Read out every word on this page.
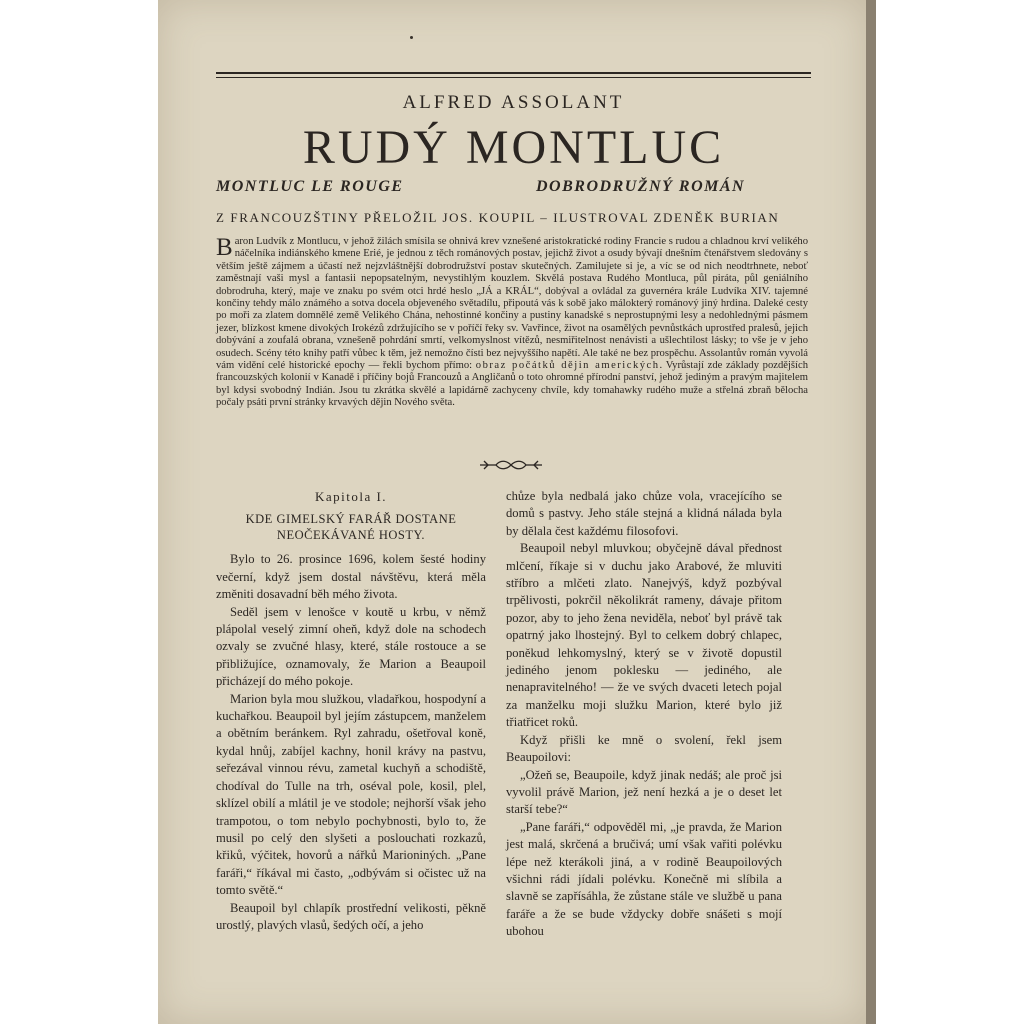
ALFRED ASSOLANT
RUDÝ MONTLUC
MONTLUC LE ROUGE	DOBRODRUŽNÝ ROMÁN
Z FRANCOUZŠTINY PŘELOŽIL JOS. KOUPIL – ILUSTROVAL ZDENĚK BURIAN
Baron Ludvík z Montlucu, v jehož žilách smísila se ohnivá krev vznešené aristokratické rodiny Francie s rudou a chladnou krví velikého náčelníka indiánského kmene Erié, je jednou z těch románových postav, jejichž život a osudy bývají dnešním čtenářstvem sledovány s větším ještě zájmem a účastí než nejzvláštnější dobrodružství postav skutečných. Zamilujete si je, a víc se od nich neodtrhnete, neboť zaměstnají vaši mysl a fantasii nepopsatelným, nevystihlým kouzlem. Skvělá postava Rudého Montluca, půl piráta, půl geniálního dobrodruha, který, maje ve znaku po svém otci hrdé heslo „JÁ a KRÁL“, dobýval a ovládal za guvernéra krále Ludvíka XIV. tajemné končiny tehdy málo známého a sotva docela objeveného světadílu, připoutá vás k sobě jako málokterý románový jiný hrdina. Daleké cesty po moři za zlatem domnělé země Velikého Chána, nehostinné končiny a pustiny kanadské s neprostupnými lesy a nedohlednými pásmem jezer, blízkost kmene divokých Irokézů zdržujícího se v poříčí řeky sv. Vavřince, život na osamělých pevnůstkách uprostřed pralesů, jejich dobývání a zoufalá obrana, vznešeně pohrdání smrtí, velkomyslnost vítězů, nesmiřitelnost nenávisti a ušlechtilost lásky; to vše je v jeho osudech. Scény této knihy patří vůbec k těm, jež nemožno čísti bez nejvyššího napětí. Ale také ne bez prospěchu. Assolantův román vyvolá vám vidění celé historické epochy — řekli bychom přímo: obraz počátků dějin amerických. Vyrůstají zde základy pozdějších francouzských kolonií v Kanadě i příčiny bojů Francouzů a Angličanů o toto ohromné přírodní panství, jehož jediným a pravým majitelem byl kdysi svobodný Indián. Jsou tu zkrátka skvělé a lapidárně zachyceny chvíle, kdy tomahawky rudého muže a střelná zbraň bělocha počaly psáti první stránky krvavých dějin Nového světa.
Kapitola I.
KDE GIMELSKÝ FARÁŘ DOSTANE NEOČEKÁVANÉ HOSTY.

Bylo to 26. prosince 1696, kolem šesté hodiny večerní, když jsem dostal návštěvu, která měla změniti dosavadní běh mého života.

Seděl jsem v lenošce v koutě u krbu, v němž plápolal veselý zimní oheň, když dole na schodech ozvaly se zvučné hlasy, které, stále rostouce a se přibližujíce, oznamovaly, že Marion a Beaupoil přicházejí do mého pokoje.

Marion byla mou služkou, vladařkou, hospodyní a kuchařkou. Beaupoil byl jejím zástupcem, manželem a obětním beránkem. Ryl zahradu, ošetřoval koně, kydal hnůj, zabíjel kachny, honil krávy na pastvu, seřezával vinnou révu, zametal kuchyň a schodiště, chodíval do Tulle na trh, oséval pole, kosil, plel, sklízel obilí a mlátil je ve stodole; nejhorší však jeho trampotou, o tom nebylo pochybnosti, bylo to, že musil po celý den slyšeti a poslouchati rozkazů, křiků, výčitek, hovorů a nářků Marioniných. „Pane faráři,“ říkával mi často, „odbývám si očistec už na tomto světě.“

Beaupoil byl chlapík prostřední velikosti, pěkně urostlý, plavých vlasů, šedých očí, a jeho

chůze byla nedbalá jako chůze vola, vracejícího se domů s pastvy. Jeho stále stejná a klidná nálada byla by dělala čest každému filosofovi.

Beaupoil nebyl mluvkou; obyčejně dával přednost mlčení, říkaje si v duchu jako Arabové, že mluviti stříbro a mlčeti zlato. Nanejvýš, když pozbýval trpělivosti, pokrčil několikrát rameny, dávaje přitom pozor, aby to jeho žena neviděla, neboť byl právě tak opatrný jako lhostejný. Byl to celkem dobrý chlapec, poněkud lehkomyslný, který se v životě dopustil jediného jenom poklesku — jediného, ale nenapravitelného! — že ve svých dvaceti letech pojal za manželku moji služku Marion, které bylo již třiatřicet roků.

Když přišli ke mně o svolení, řekl jsem Beaupoilovi:

„Ožeň se, Beaupoile, když jinak nedáš; ale proč jsi vyvolil právě Marion, jež není hezká a je o deset let starší tebe?“

„Pane faráři,“ odpověděl mi, „je pravda, že Marion jest malá, skrčená a bručivá; umí však vařiti polévku lépe než kterákoli jiná, a v rodině Beaupoilových všichni rádi jídali polévku. Konečně mi slíbila a slavně se zapřísáhla, že zůstane stále ve službě u pana faráře a že se bude vždycky dobře snášeti s mojí ubohou
